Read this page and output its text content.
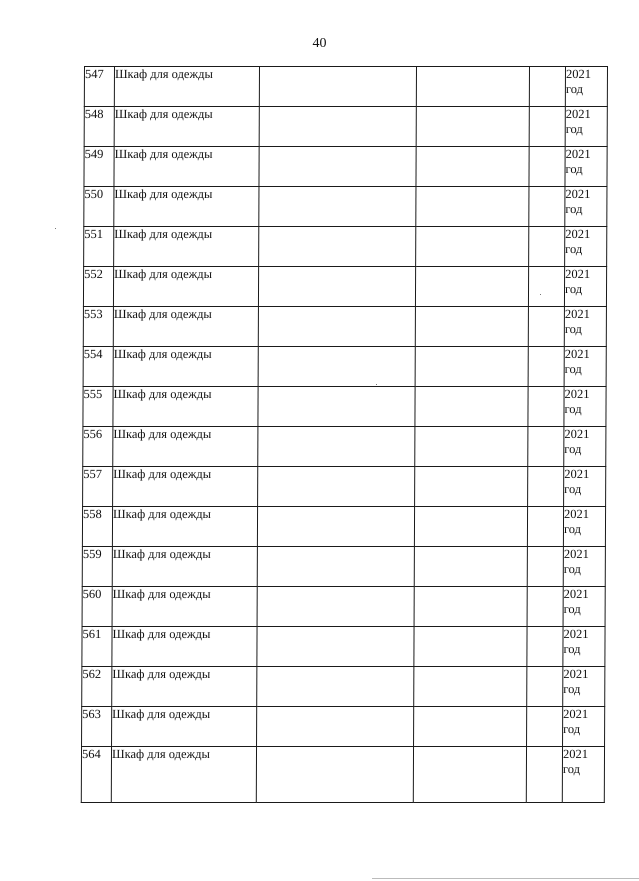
40
547	Шкаф для одежды				2021
год

548	Шкаф для одежды				2021
год

549	Шкаф для одежды				2021
год

550	Шкаф для одежды				2021
год

551	Шкаф для одежды				2021
год

552	Шкаф для одежды				2021
год

553	Шкаф для одежды				2021
год

554	Шкаф для одежды				2021
год

555	Шкаф для одежды				2021
год

556	Шкаф для одежды				2021
год

557	Шкаф для одежды				2021
год

558	Шкаф для одежды				2021
год

559	Шкаф для одежды				2021
год

560	Шкаф для одежды				2021
год

561	Шкаф для одежды				2021
год

562	Шкаф для одежды				2021
год

563	Шкаф для одежды				2021
год

564	Шкаф для одежды				2021
год
